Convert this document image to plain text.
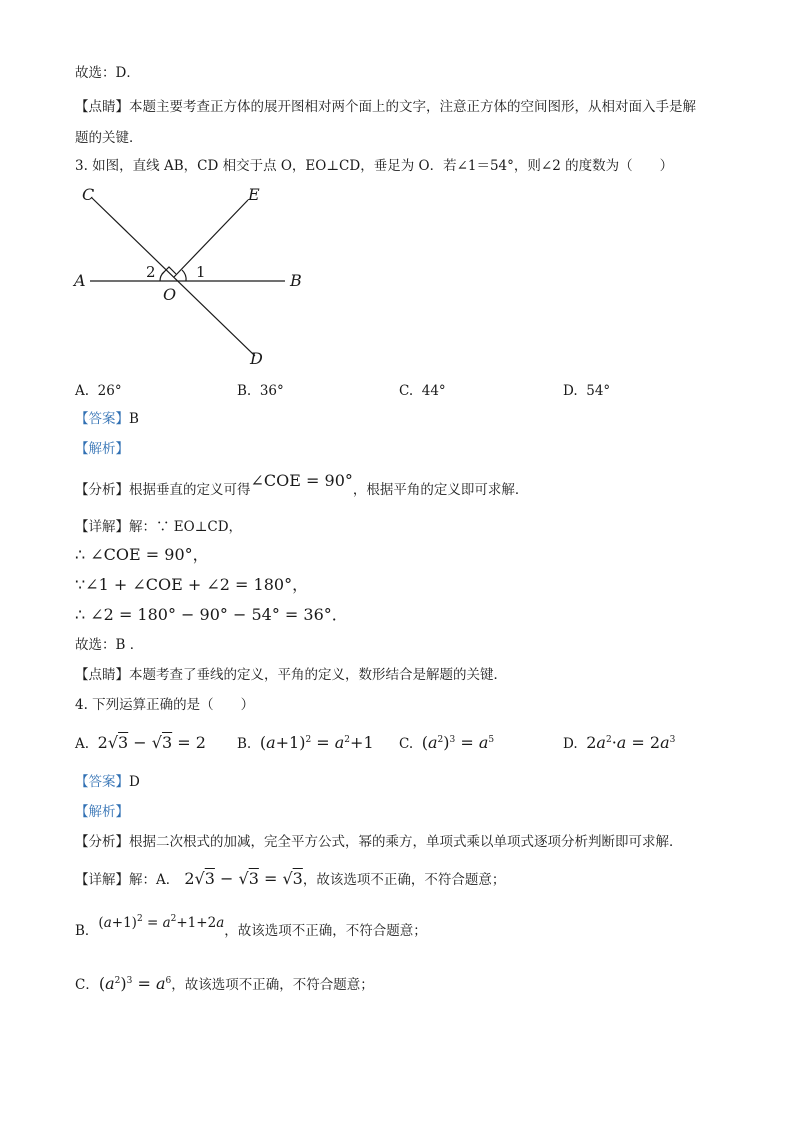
故选：D．
【点睛】本题主要考查正方体的展开图相对两个面上的文字，注意正方体的空间图形，从相对面入手是解
题的关键．
3. 如图，直线 AB，CD 相交于点 O，EO⊥CD，垂足为 O．若∠1＝54°，则∠2 的度数为（　　）
C	E
A	B
O
D
2	1
A. 26°	B. 36°	C. 44°	D. 54°
【答案】B
【解析】
【分析】根据垂直的定义可得∠COE = 90°，根据平角的定义即可求解．
【详解】解：∵ EO⊥CD，
∴ ∠COE = 90°，
∵∠1 + ∠COE + ∠2 = 180°，
∴ ∠2 = 180° − 90° − 54° = 36°．
故选：B ．
【点睛】本题考查了垂线的定义，平角的定义，数形结合是解题的关键．
4. 下列运算正确的是（　　）
A. 2√3 − √3 = 2 B. $(a+1)^2 = a^2+1$ C. $(a^2)^3 = a^5$	D. $2a^2\cdot a = 2a^3$
【答案】D
【解析】
【分析】根据二次根式的加减，完全平方公式，幂的乘方，单项式乘以单项式逐项分析判断即可求解．
【详解】解：A． 2√3 − √3 = √3，故该选项不正确，不符合题意；
B．$(a+1)^2 = a^2+1+2a$，故该选项不正确，不符合题意；
C．$(a^2)^3 = a^6$，故该选项不正确，不符合题意；
